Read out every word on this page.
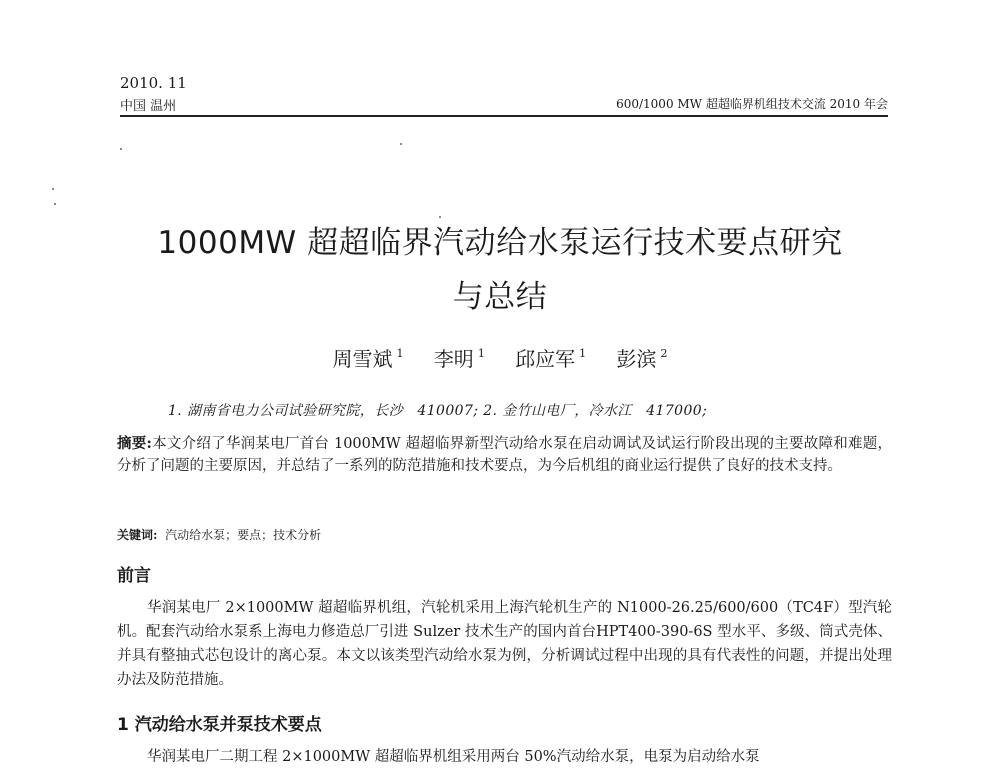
2010. 11
中国 温州	600/1000 MW 超超临界机组技术交流 2010 年会
1000MW 超超临界汽动给水泵运行技术要点研究
与总结
周雪斌 $^1$ 李明 $^1$ 邱应军 $^1$ 彭滨 $^2$
1. 湖南省电力公司试验研究院，长沙　410007; 2. 金竹山电厂，冷水江　417000;
摘要:本文介绍了华润某电厂首台 1000MW 超超临界新型汽动给水泵在启动调试及试运行阶段出现的主要故障和难题，分析了问题的主要原因，并总结了一系列的防范措施和技术要点，为今后机组的商业运行提供了良好的技术支持。
关键词: 汽动给水泵；要点；技术分析
前言
华润某电厂 2×1000MW 超超临界机组，汽轮机采用上海汽轮机生产的 N1000-26.25/600/600（TC4F）型汽轮机。配套汽动给水泵系上海电力修造总厂引进 Sulzer 技术生产的国内首台HPT400-390-6S 型水平、多级、筒式壳体、并具有整抽式芯包设计的离心泵。本文以该类型汽动给水泵为例，分析调试过程中出现的具有代表性的问题，并提出处理办法及防范措施。
1 汽动给水泵并泵技术要点
华润某电厂二期工程 2×1000MW 超超临界机组采用两台 50%汽动给水泵，电泵为启动给水泵
